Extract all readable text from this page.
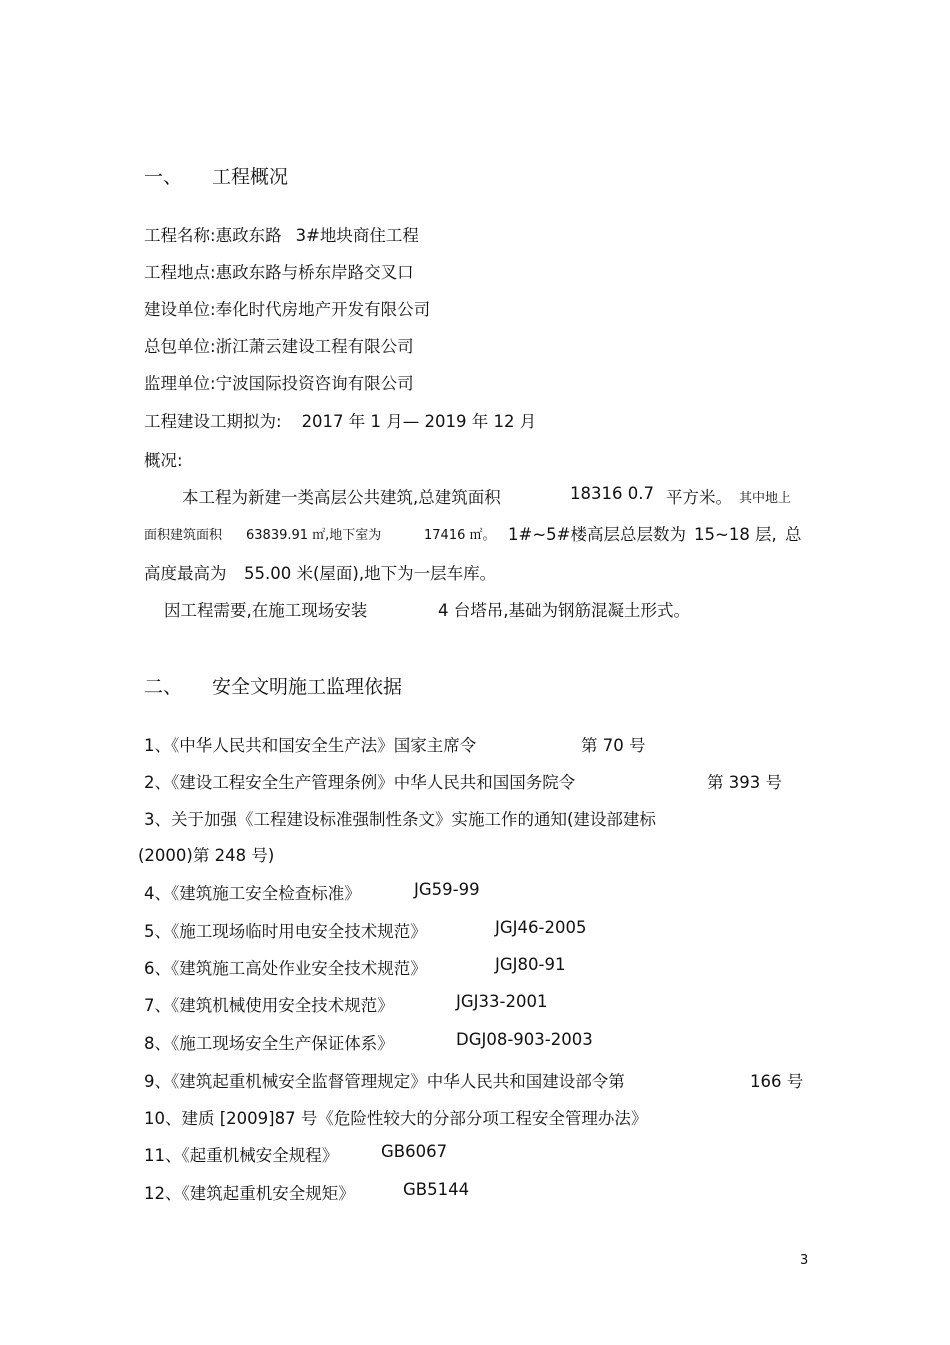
一、 工程概况
工程名称:惠政东路 3#地块商住工程
工程地点:惠政东路与桥东岸路交叉口
建设单位:奉化时代房地产开发有限公司
总包单位:浙江萧云建设工程有限公司
监理单位:宁波国际投资咨询有限公司
工程建设工期拟为: 2017 年 1 月— 2019 年 12 月
概况:
本工程为新建一类高层公共建筑,总建筑面积	18316 0.7 平方米。 其中地上
面积建筑面积 63839.91 ㎡,地下室为	17416 ㎡。 1#~5#楼高层总层数为 15~18 层, 总
高度最高为 55.00 米(屋面),地下为一层车库。
因工程需要,在施工现场安装	4 台塔吊,基础为钢筋混凝土形式。
二、 安全文明施工监理依据
1、《中华人民共和国安全生产法》国家主席令	第 70 号
2、《建设工程安全生产管理条例》中华人民共和国国务院令	第 393 号
3、关于加强《工程建设标准强制性条文》实施工作的通知(建设部建标
(2000)第 248 号)
4、《建筑施工安全检查标准》	JG59-99
5、《施工现场临时用电安全技术规范》	JGJ46-2005
6、《建筑施工高处作业安全技术规范》	JGJ80-91
7、《建筑机械使用安全技术规范》	JGJ33-2001
8、《施工现场安全生产保证体系》	DGJ08-903-2003
9、《建筑起重机械安全监督管理规定》中华人民共和国建设部令第	166 号
10、建质 [2009]87 号《危险性较大的分部分项工程安全管理办法》
11、《起重机械安全规程》	GB6067
12、《建筑起重机安全规矩》	GB5144
3
